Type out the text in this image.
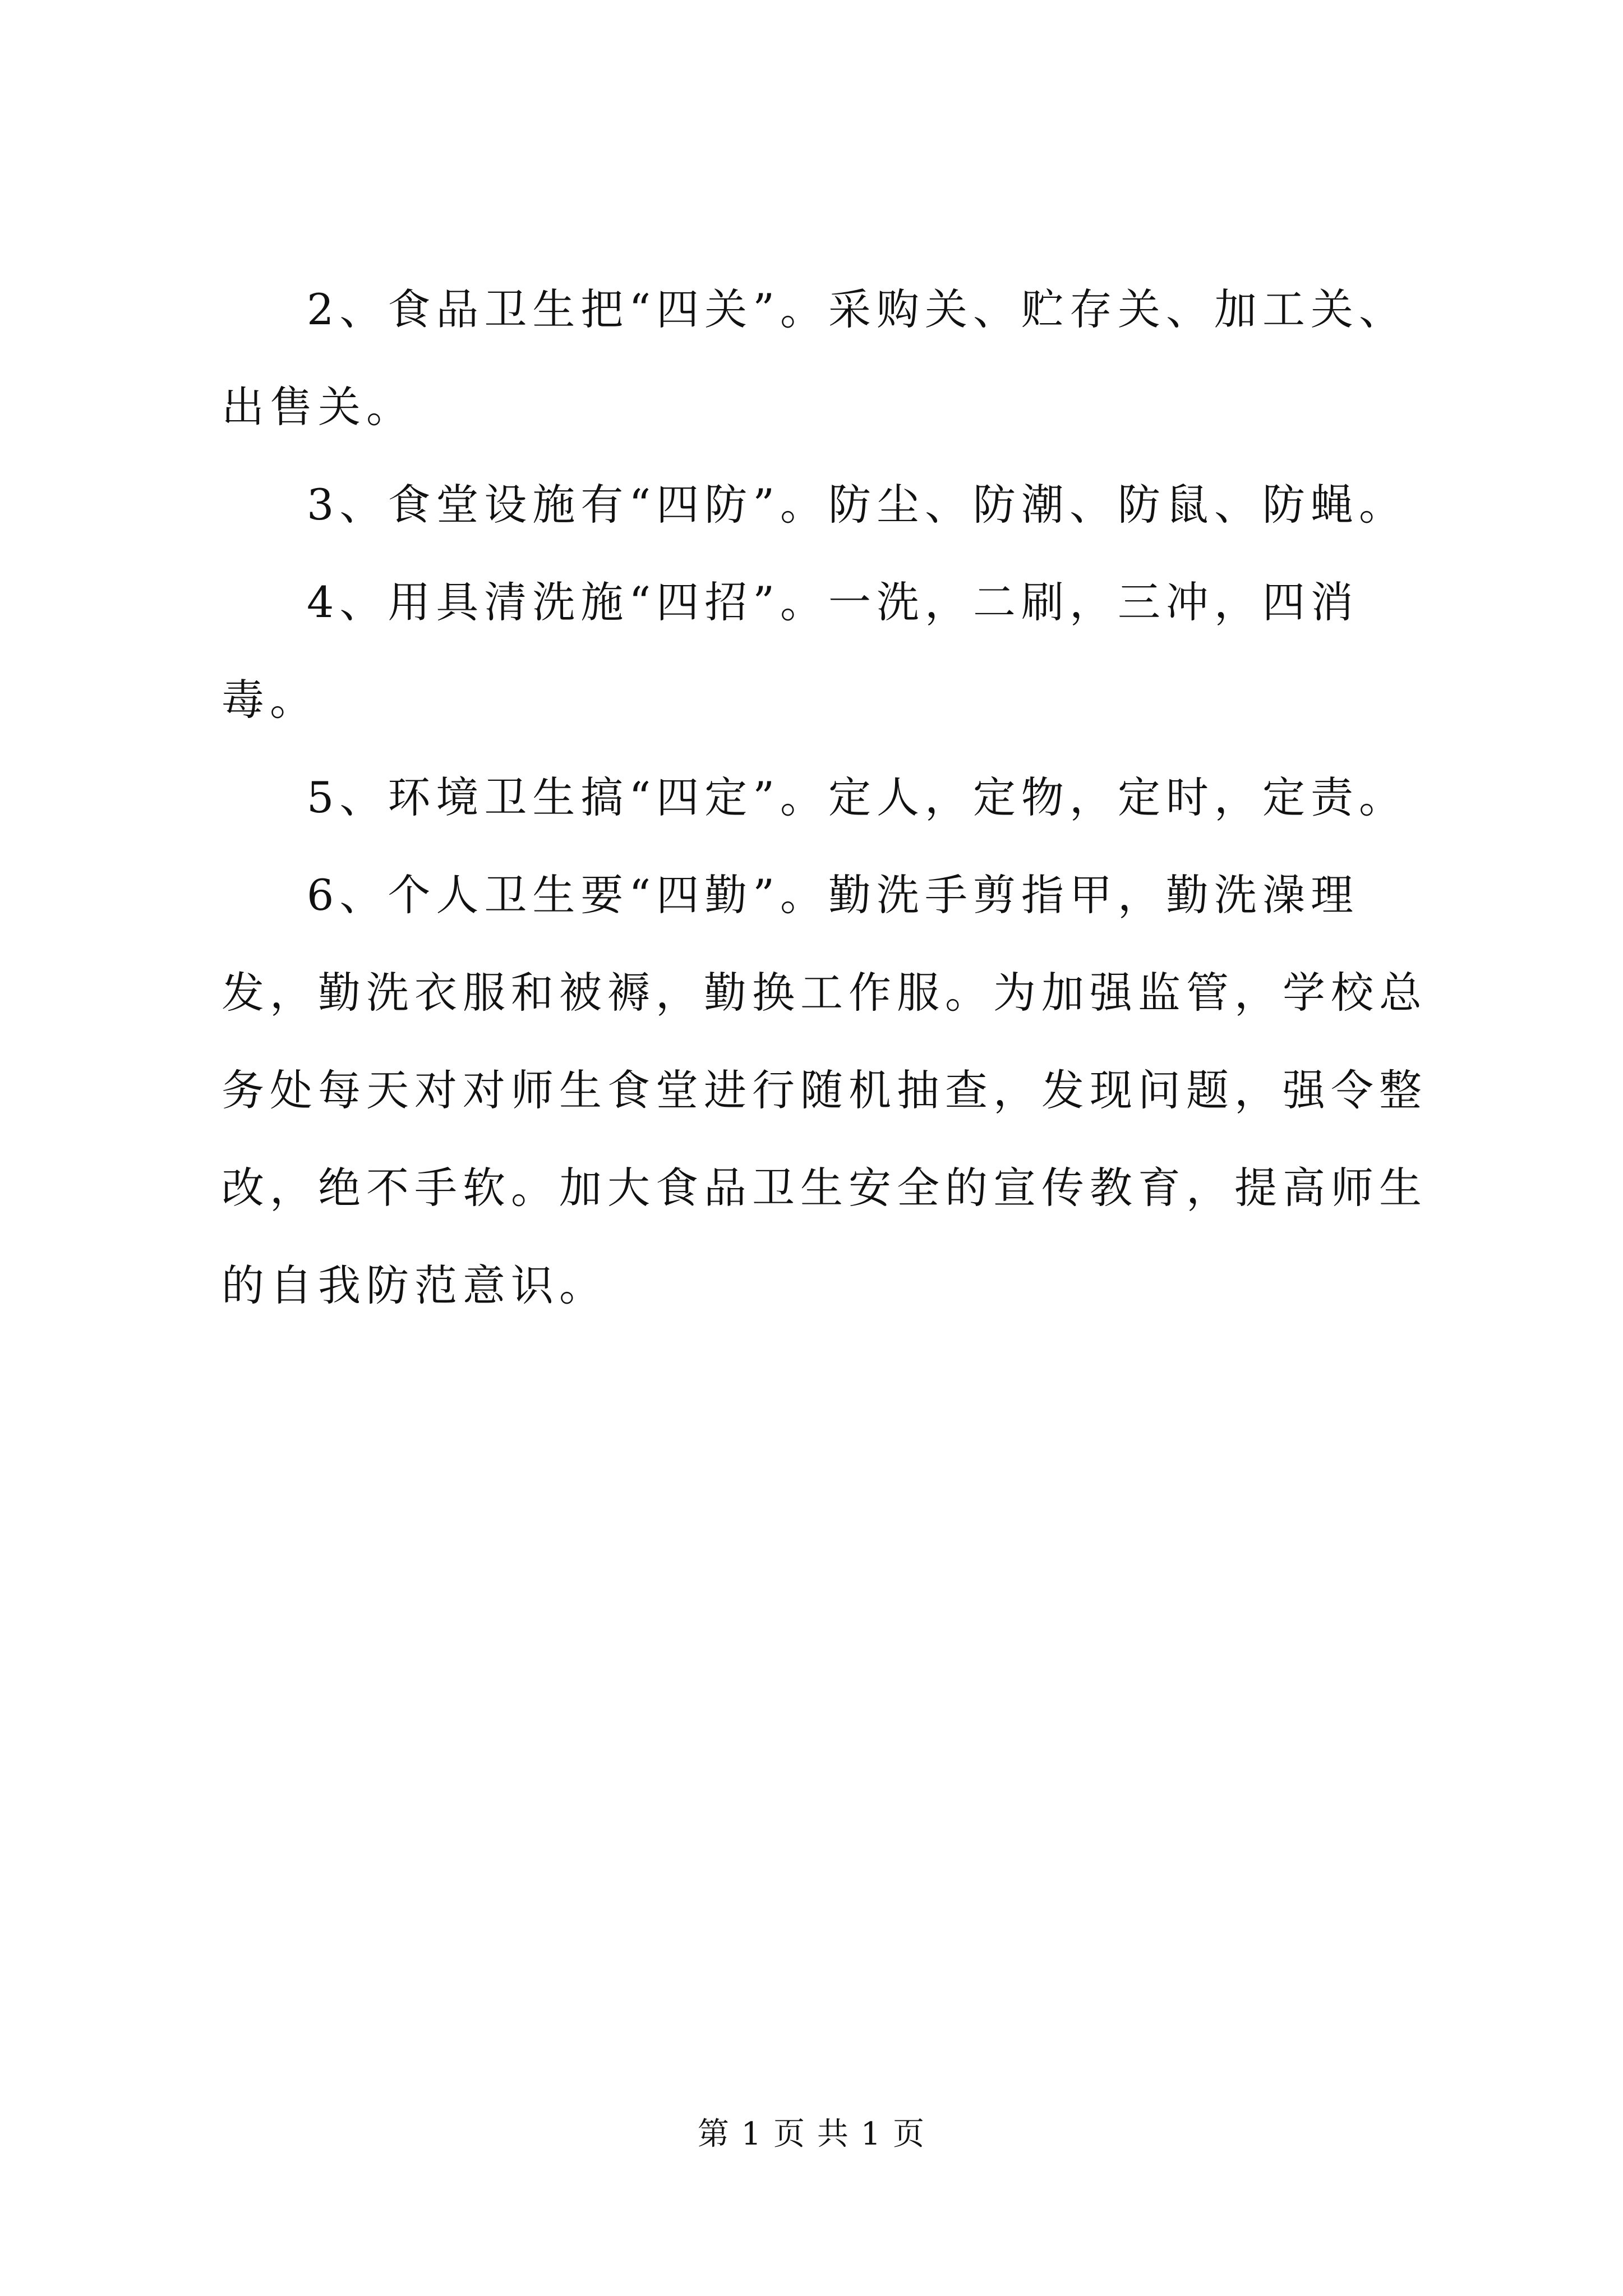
2、食品卫生把“四关”。采购关、贮存关、加工关、出售关。

3、食堂设施有“四防”。防尘、防潮、防鼠、防蝇。

4、用具清洗施“四招”。一洗，二刷，三冲，四消毒。

5、环境卫生搞“四定”。定人，定物，定时，定责。

6、个人卫生要“四勤”。勤洗手剪指甲，勤洗澡理发，勤洗衣服和被褥，勤换工作服。为加强监管，学校总务处每天对对师生食堂进行随机抽查，发现问题，强令整改，绝不手软。加大食品卫生安全的宣传教育，提高师生的自我防范意识。

第 1 页 共 1 页
